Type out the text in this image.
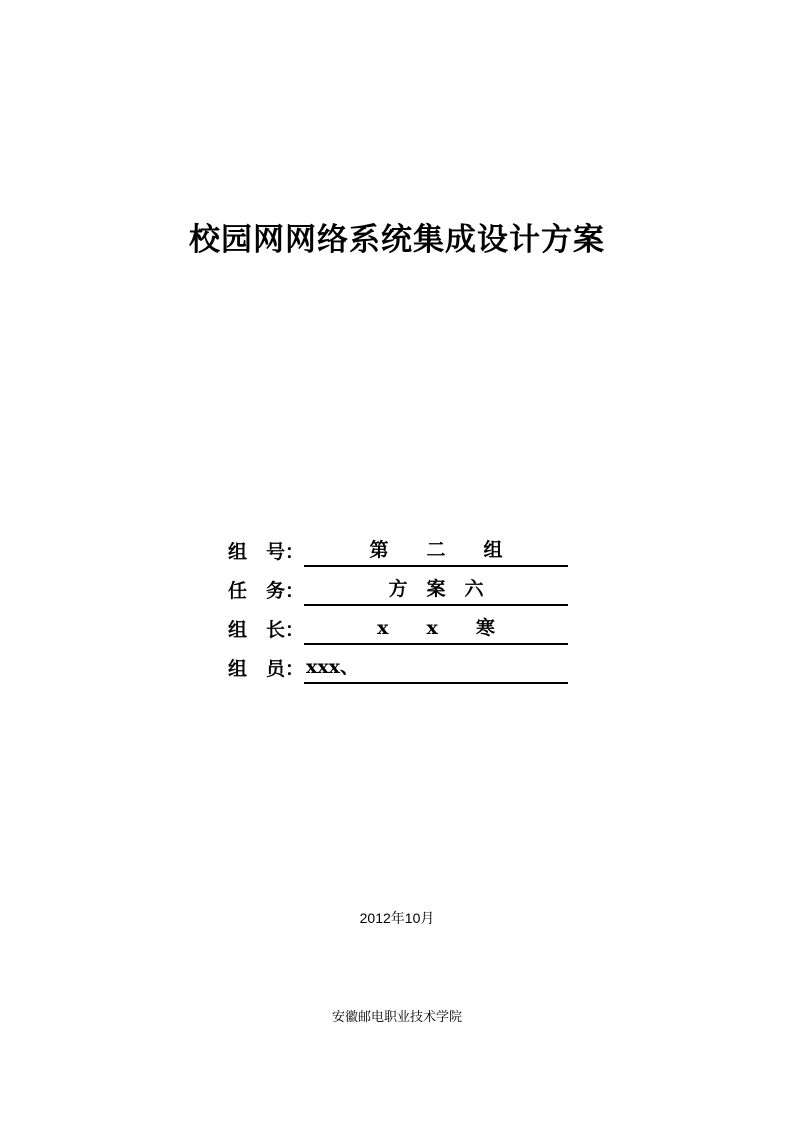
校园网网络系统集成设计方案
组　号：	第　　二　　组
任　务：	方　案　六
组　长：	x　　x　　寒
组　员： xxx、
2012年10月
安徽邮电职业技术学院
